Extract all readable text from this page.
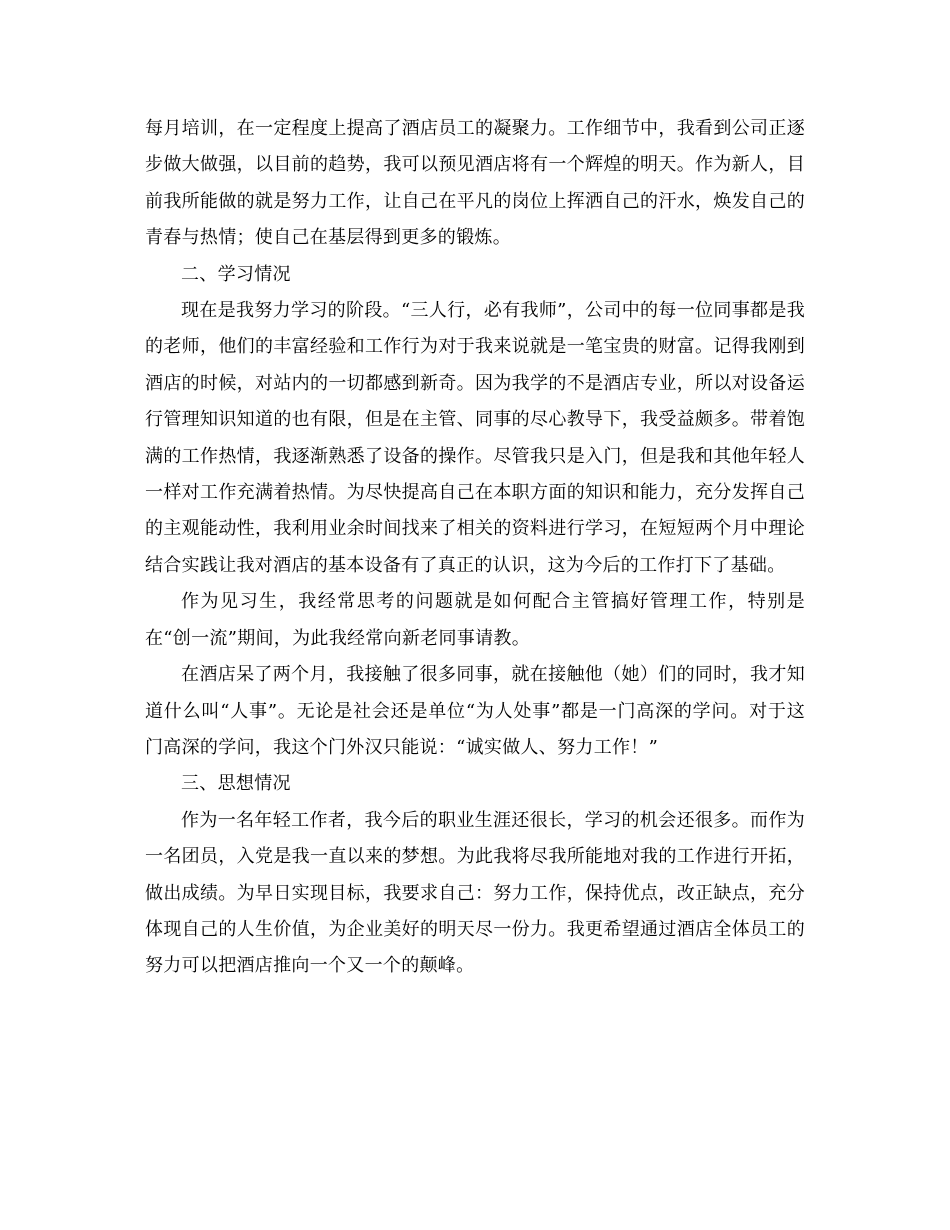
每月培训，在一定程度上提高了酒店员工的凝聚力。工作细节中，我看到公司正逐步做大做强，以目前的趋势，我可以预见酒店将有一个辉煌的明天。作为新人，目前我所能做的就是努力工作，让自己在平凡的岗位上挥洒自己的汗水，焕发自己的青春与热情；使自己在基层得到更多的锻炼。

二、学习情况

现在是我努力学习的阶段。“三人行，必有我师”，公司中的每一位同事都是我的老师，他们的丰富经验和工作行为对于我来说就是一笔宝贵的财富。记得我刚到酒店的时候，对站内的一切都感到新奇。因为我学的不是酒店专业，所以对设备运行管理知识知道的也有限，但是在主管、同事的尽心教导下，我受益颇多。带着饱满的工作热情，我逐渐熟悉了设备的操作。尽管我只是入门，但是我和其他年轻人一样对工作充满着热情。为尽快提高自己在本职方面的知识和能力，充分发挥自己的主观能动性，我利用业余时间找来了相关的资料进行学习，在短短两个月中理论结合实践让我对酒店的基本设备有了真正的认识，这为今后的工作打下了基础。

作为见习生，我经常思考的问题就是如何配合主管搞好管理工作，特别是在“创一流”期间，为此我经常向新老同事请教。

在酒店呆了两个月，我接触了很多同事，就在接触他（她）们的同时，我才知道什么叫“人事”。无论是社会还是单位“为人处事”都是一门高深的学问。对于这门高深的学问，我这个门外汉只能说：“诚实做人、努力工作！”

三、思想情况

作为一名年轻工作者，我今后的职业生涯还很长，学习的机会还很多。而作为一名团员，入党是我一直以来的梦想。为此我将尽我所能地对我的工作进行开拓，做出成绩。为早日实现目标，我要求自己：努力工作，保持优点，改正缺点，充分体现自己的人生价值，为企业美好的明天尽一份力。我更希望通过酒店全体员工的努力可以把酒店推向一个又一个的颠峰。
